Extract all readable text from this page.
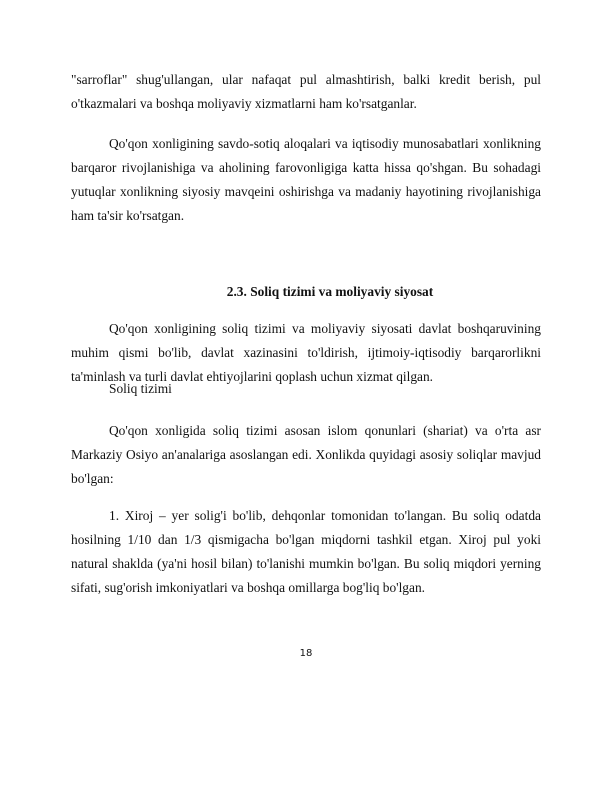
"sarroflar" shug'ullangan, ular nafaqat pul almashtirish, balki kredit berish, pul o'tkazmalari va boshqa moliyaviy xizmatlarni ham ko'rsatganlar.
Qo'qon xonligining savdo-sotiq aloqalari va iqtisodiy munosabatlari xonlikning barqaror rivojlanishiga va aholining farovonligiga katta hissa qo'shgan. Bu sohadagi yutuqlar xonlikning siyosiy mavqeini oshirishga va madaniy hayotining rivojlanishiga ham ta'sir ko'rsatgan.
2.3. Soliq tizimi va moliyaviy siyosat
Qo'qon xonligining soliq tizimi va moliyaviy siyosati davlat boshqaruvining muhim qismi bo'lib, davlat xazinasini to'ldirish, ijtimoiy-iqtisodiy barqarorlikni ta'minlash va turli davlat ehtiyojlarini qoplash uchun xizmat qilgan.
Soliq tizimi
Qo'qon xonligida soliq tizimi asosan islom qonunlari (shariat) va o'rta asr Markaziy Osiyo an'analariga asoslangan edi. Xonlikda quyidagi asosiy soliqlar mavjud bo'lgan:
1. Xiroj – yer solig'i bo'lib, dehqonlar tomonidan to'langan. Bu soliq odatda hosilning 1/10 dan 1/3 qismigacha bo'lgan miqdorni tashkil etgan. Xiroj pul yoki natural shaklda (ya'ni hosil bilan) to'lanishi mumkin bo'lgan. Bu soliq miqdori yerning sifati, sug'orish imkoniyatlari va boshqa omillarga bog'liq bo'lgan.
18
